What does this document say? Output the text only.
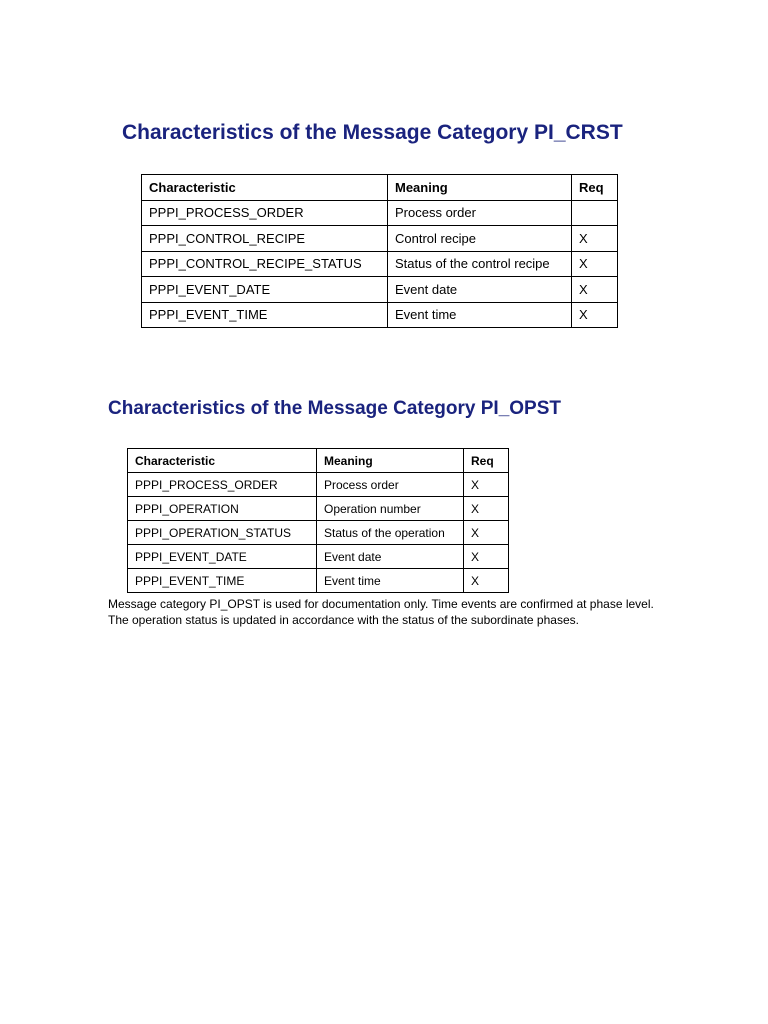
Characteristics of the Message Category PI_CRST
Characteristic	Meaning	Req
PPPI_PROCESS_ORDER	Process order	
PPPI_CONTROL_RECIPE	Control recipe	X
PPPI_CONTROL_RECIPE_STATUS	Status of the control recipe	X
PPPI_EVENT_DATE	Event date	X
PPPI_EVENT_TIME	Event time	X
Characteristics of the Message Category PI_OPST
Characteristic	Meaning	Req
PPPI_PROCESS_ORDER	Process order	X
PPPI_OPERATION	Operation number	X
PPPI_OPERATION_STATUS	Status of the operation	X
PPPI_EVENT_DATE	Event date	X
PPPI_EVENT_TIME	Event time	X

Message category PI_OPST is used for documentation only. Time events are confirmed at phase level. The operation status is updated in accordance with the status of the subordinate phases.
